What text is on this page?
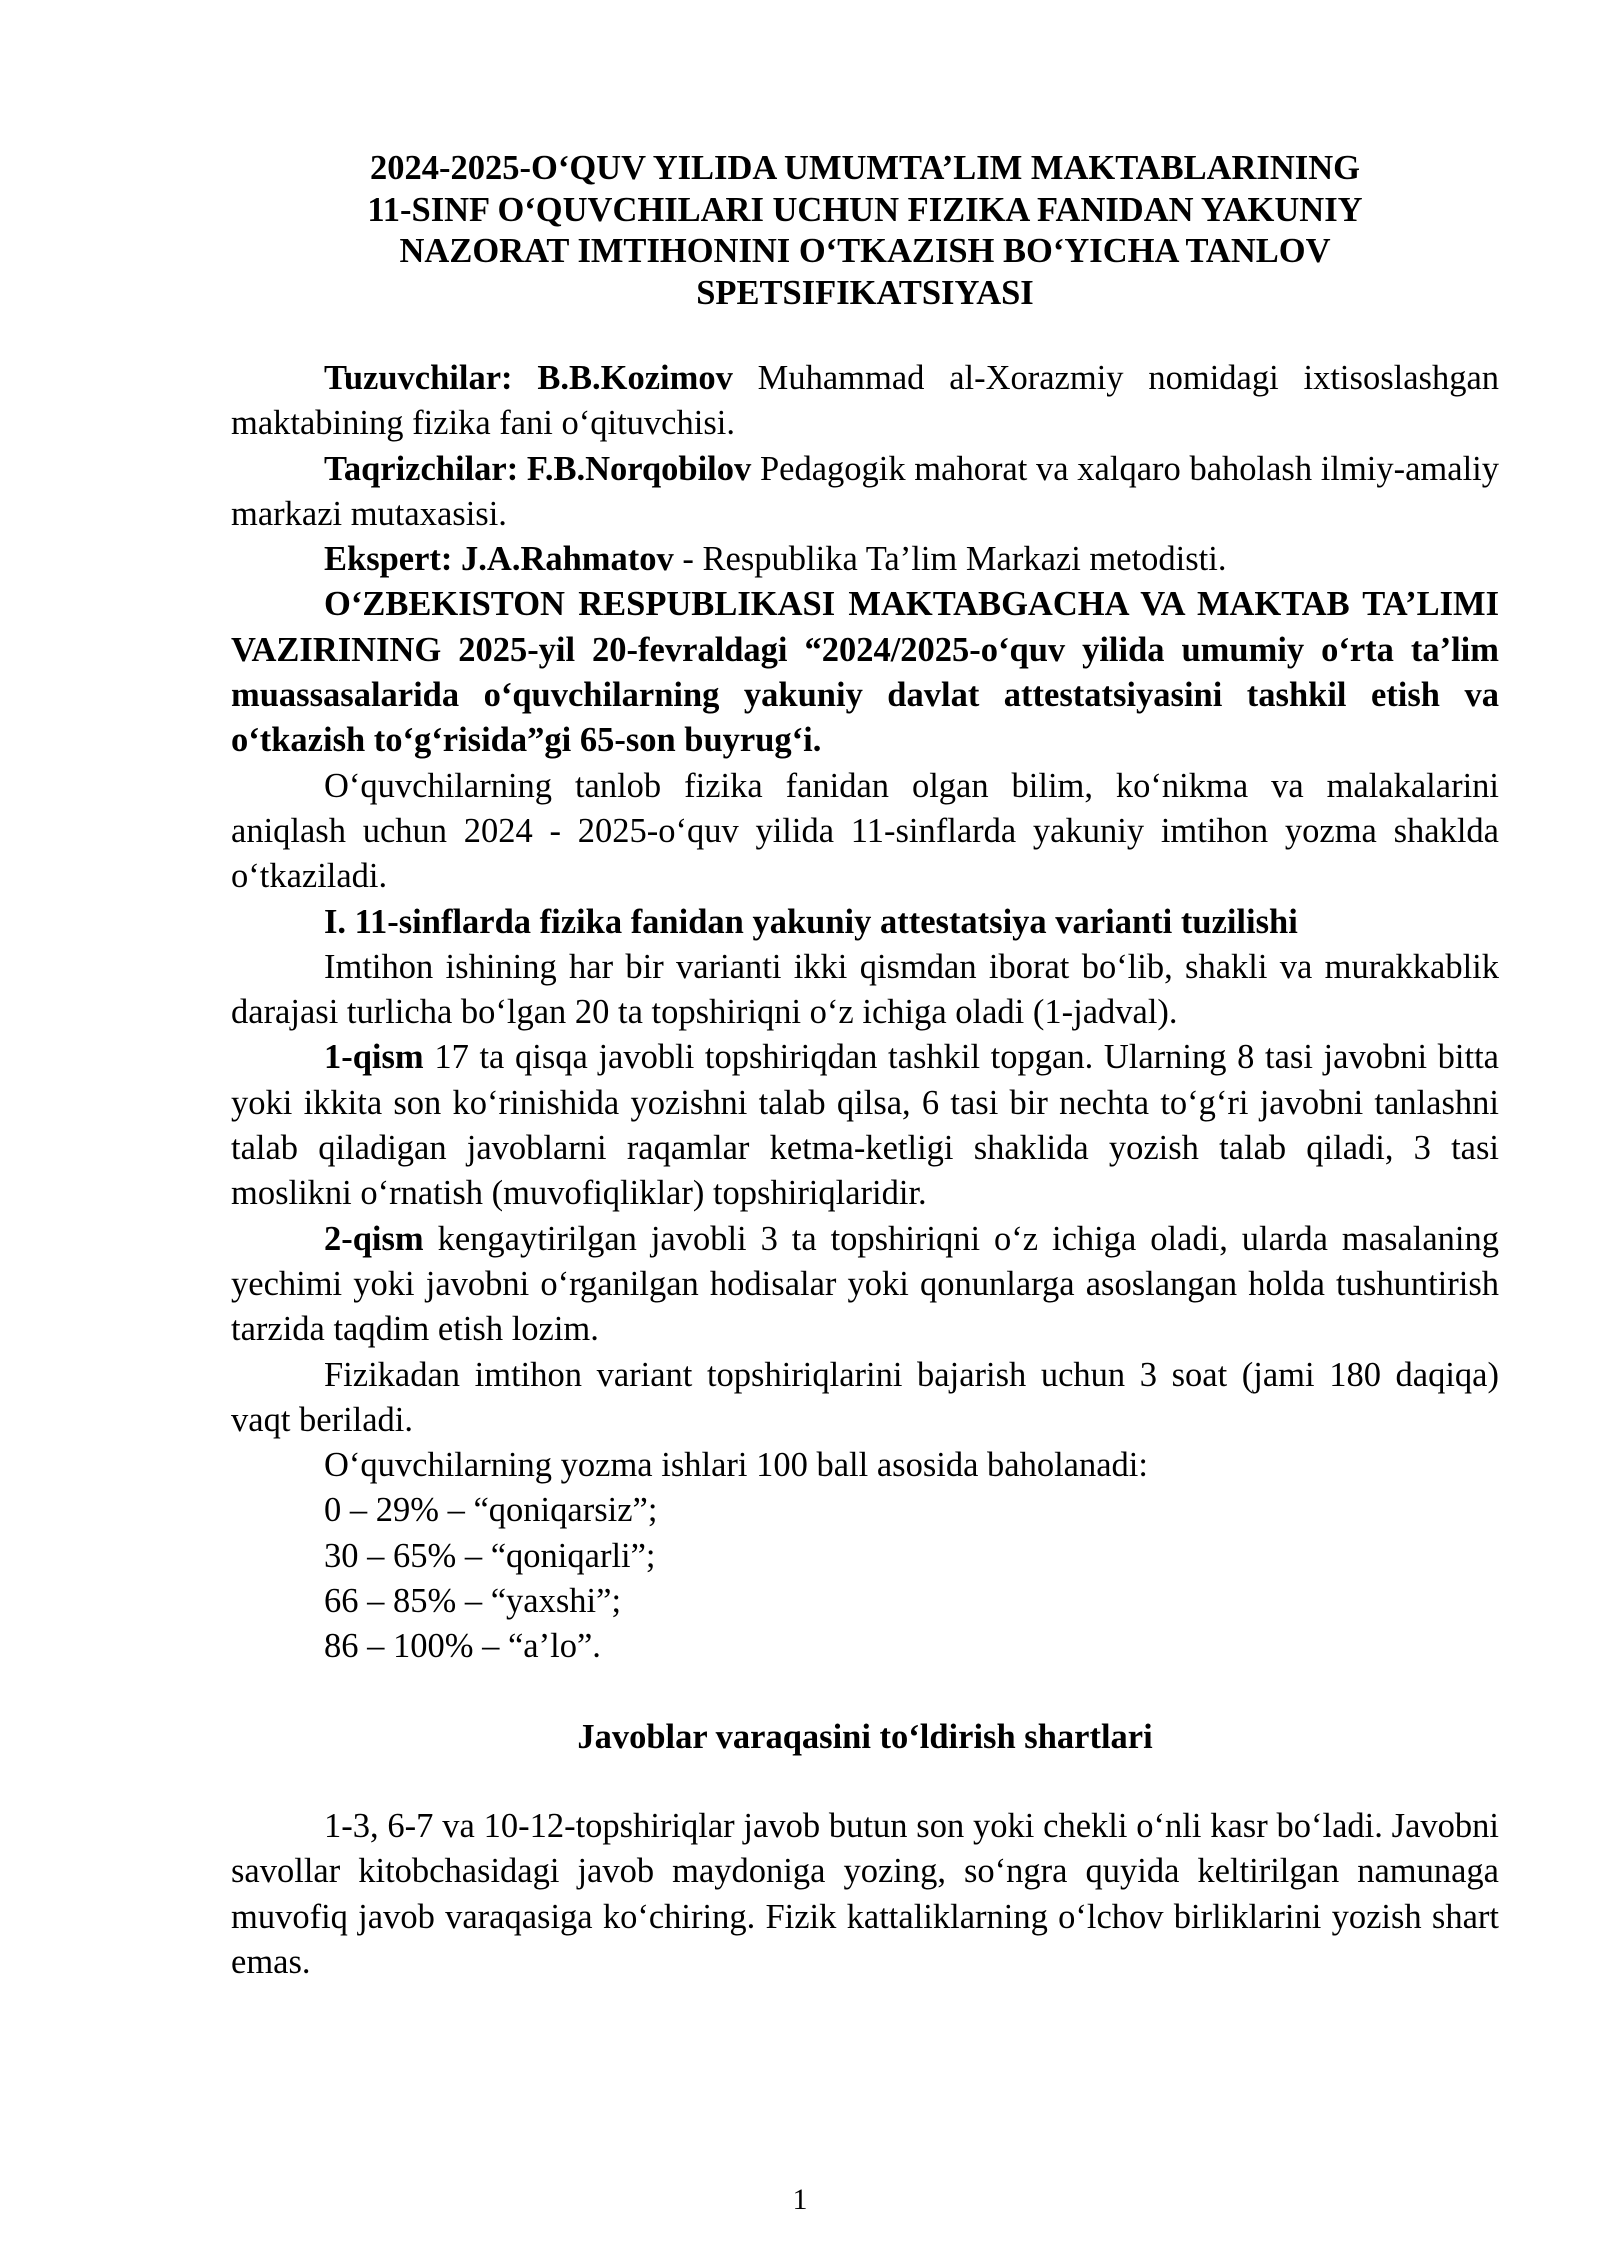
2024-2025-O‘QUV YILIDA UMUMTA’LIM MAKTABLARINING
11-SINF O‘QUVCHILARI UCHUN FIZIKA FANIDAN YAKUNIY
NAZORAT IMTIHONINI O‘TKAZISH BO‘YICHA TANLOV
SPETSIFIKATSIYASI

Tuzuvchilar: B.B.Kozimov Muhammad al-Xorazmiy nomidagi ixtisoslashgan maktabining fizika fani o‘qituvchisi.

Taqrizchilar: F.B.Norqobilov Pedagogik mahorat va xalqaro baholash ilmiy-amaliy markazi mutaxasisi.

Ekspert: J.A.Rahmatov - Respublika Ta’lim Markazi metodisti.

O‘ZBEKISTON RESPUBLIKASI MAKTABGACHA VA MAKTAB TA’LIMI VAZIRINING 2025-yil 20-fevraldagi “2024/2025-o‘quv yilida umumiy o‘rta ta’lim muassasalarida o‘quvchilarning yakuniy davlat attestatsiyasini tashkil etish va o‘tkazish to‘g‘risida”gi 65-son buyrug‘i.

O‘quvchilarning tanlob fizika fanidan olgan bilim, ko‘nikma va malakalarini aniqlash uchun 2024 - 2025-o‘quv yilida 11-sinflarda yakuniy imtihon yozma shaklda o‘tkaziladi.

I. 11-sinflarda fizika fanidan yakuniy attestatsiya varianti tuzilishi

Imtihon ishining har bir varianti ikki qismdan iborat bo‘lib, shakli va murakkablik darajasi turlicha bo‘lgan 20 ta topshiriqni o‘z ichiga oladi (1-jadval).

1-qism 17 ta qisqa javobli topshiriqdan tashkil topgan. Ularning 8 tasi javobni bitta yoki ikkita son ko‘rinishida yozishni talab qilsa, 6 tasi bir nechta to‘g‘ri javobni tanlashni talab qiladigan javoblarni raqamlar ketma-ketligi shaklida yozish talab qiladi, 3 tasi moslikni o‘rnatish (muvofiqliklar) topshiriqlaridir.

2-qism kengaytirilgan javobli 3 ta topshiriqni o‘z ichiga oladi, ularda masalaning yechimi yoki javobni o‘rganilgan hodisalar yoki qonunlarga asoslangan holda tushuntirish tarzida taqdim etish lozim.

Fizikadan imtihon variant topshiriqlarini bajarish uchun 3 soat (jami 180 daqiqa) vaqt beriladi.

O‘quvchilarning yozma ishlari 100 ball asosida baholanadi:

0 – 29% – “qoniqarsiz”;

30 – 65% – “qoniqarli”;

66 – 85% – “yaxshi”;

86 – 100% – “a’lo”.

Javoblar varaqasini to‘ldirish shartlari

1-3, 6-7 va 10-12-topshiriqlar javob butun son yoki chekli o‘nli kasr bo‘ladi. Javobni savollar kitobchasidagi javob maydoniga yozing, so‘ngra quyida keltirilgan namunaga muvofiq javob varaqasiga ko‘chiring. Fizik kattaliklarning o‘lchov birliklarini yozish shart emas.

1
